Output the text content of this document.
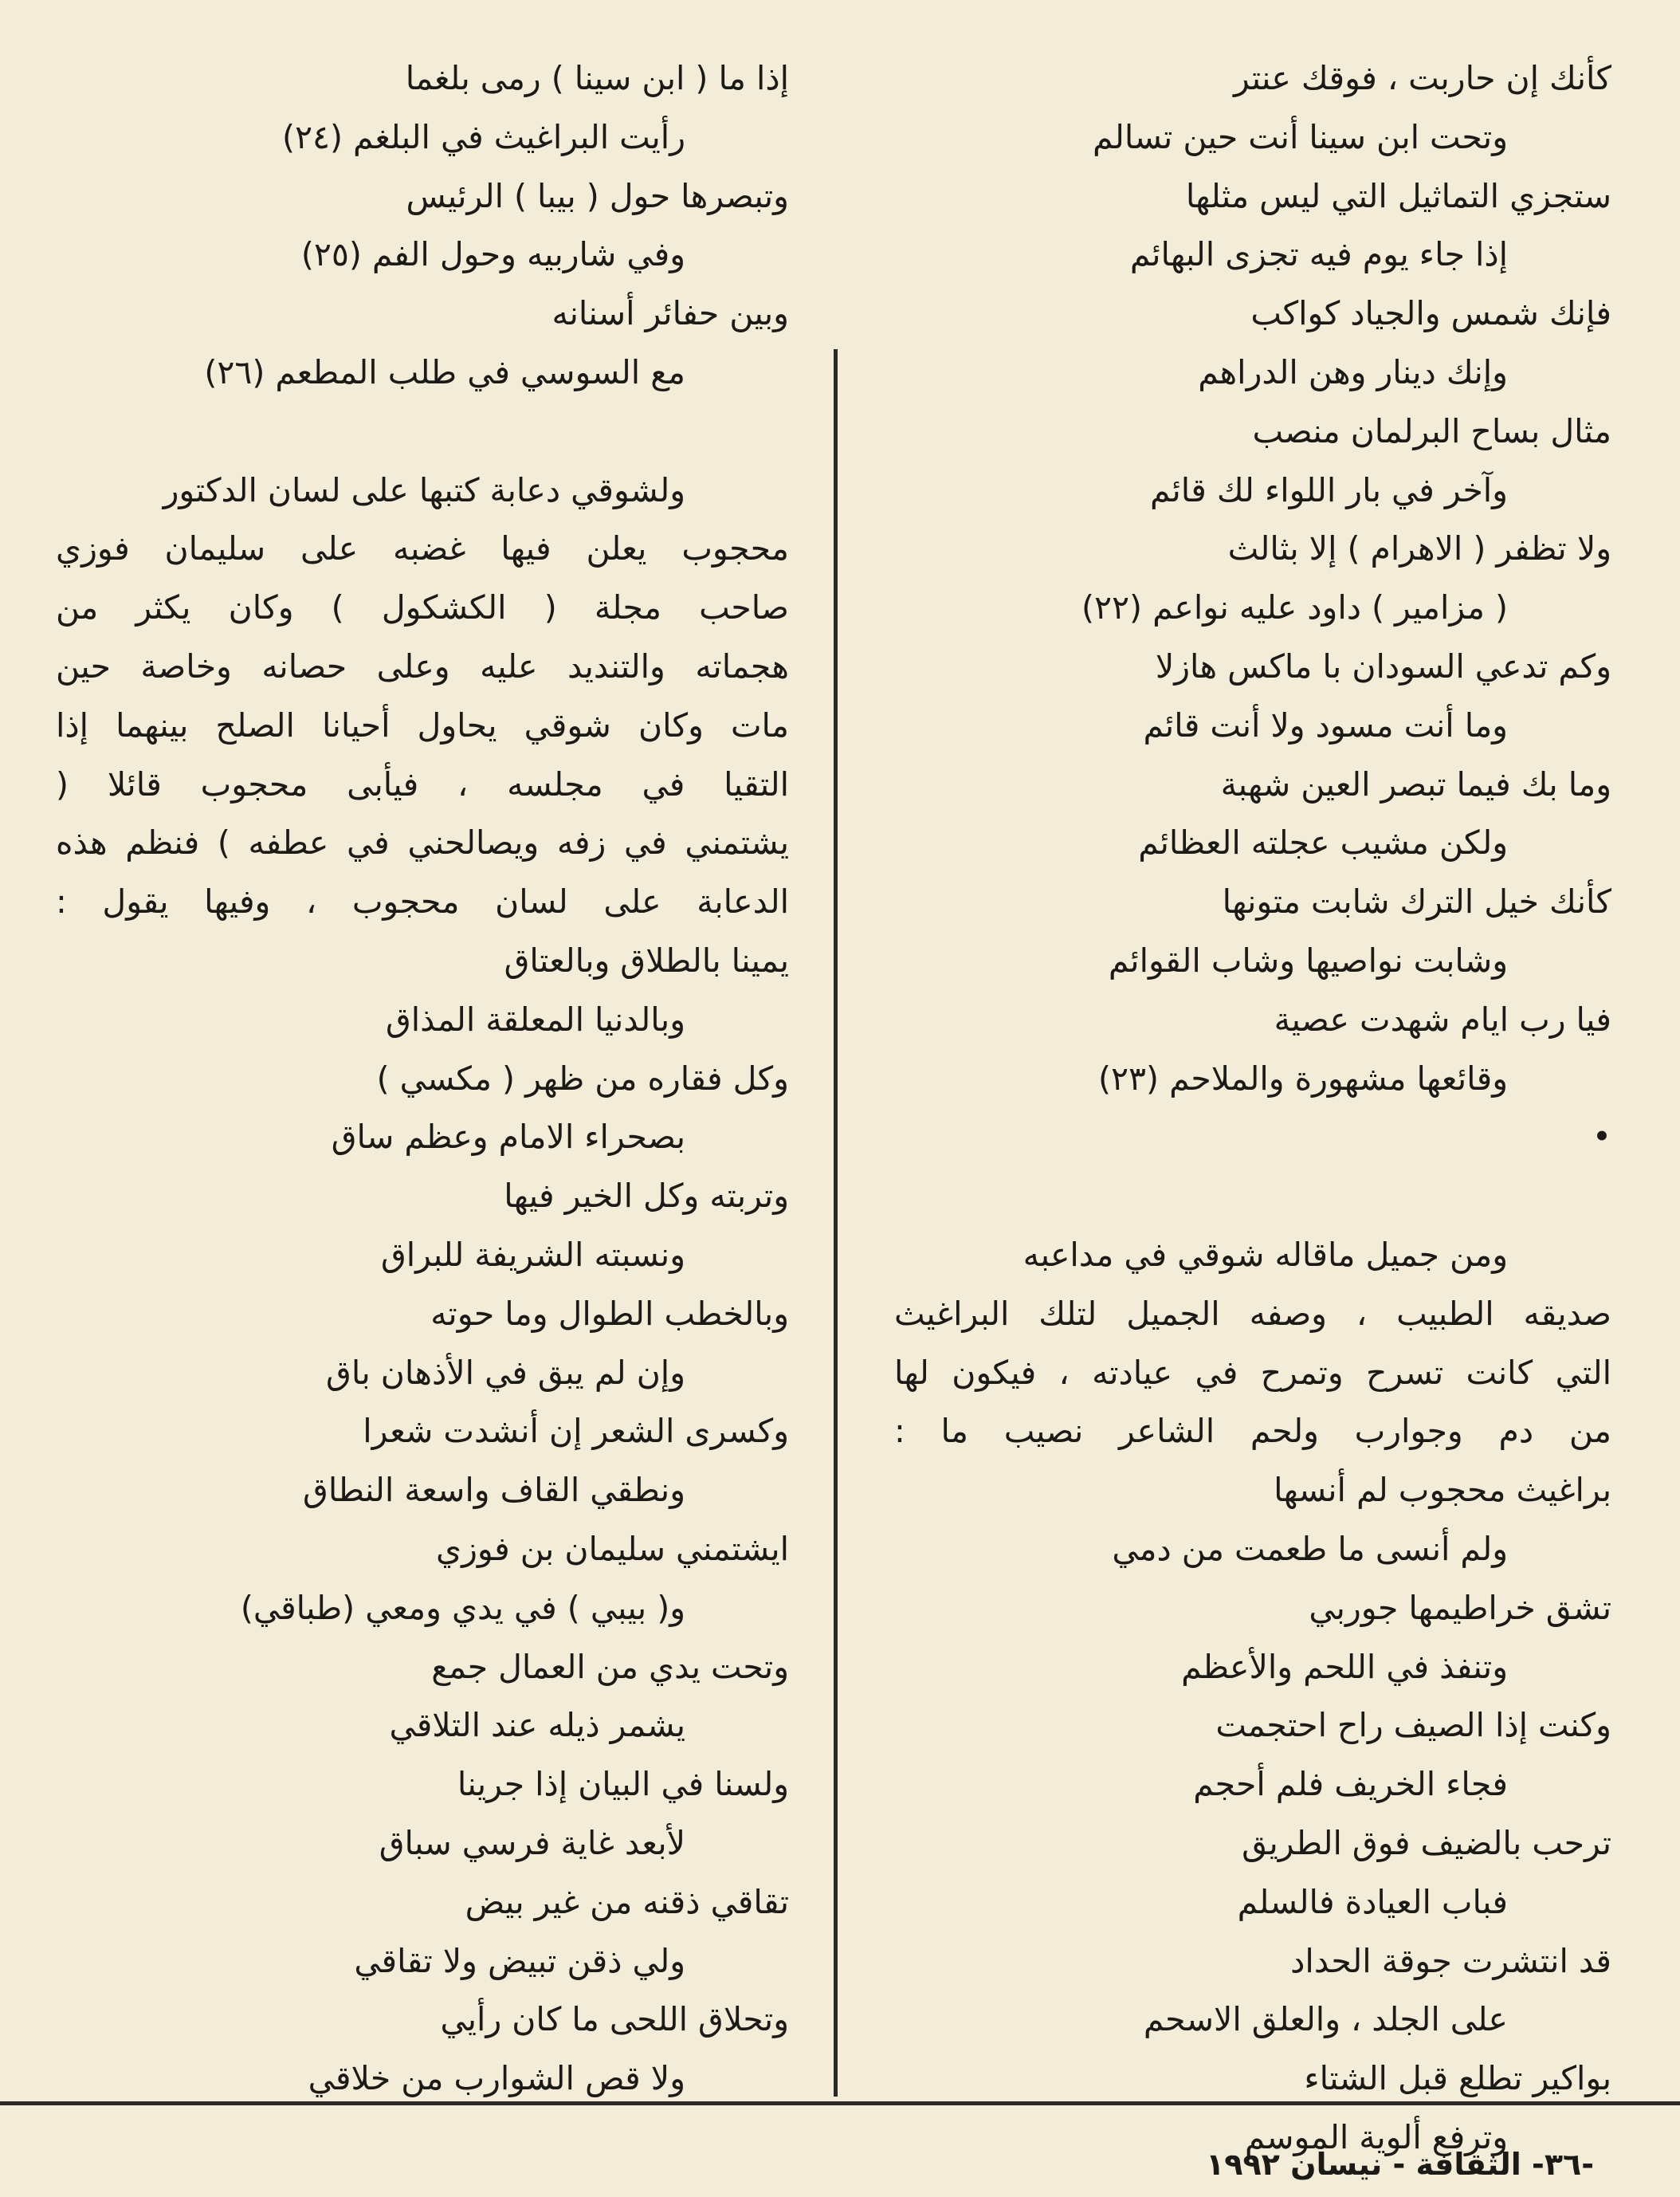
كأنك إن حاربت ، فوقك عنتر
وتحت ابن سينا أنت حين تسالم
ستجزي التماثيل التي ليس مثلها
إذا جاء يوم فيه تجزى البهائم
فإنك شمس والجياد كواكب
وإنك دينار وهن الدراهم
مثال بساح البرلمان منصب
وآخر في بار اللواء لك قائم
ولا تظفر ( الاهرام ) إلا بثالث
( مزامير ) داود عليه نواعم (٢٢)
وكم تدعي السودان با ماكس هازلا
وما أنت مسود ولا أنت قائم
وما بك فيما تبصر العين شهبة
ولكن مشيب عجلته العظائم
كأنك خيل الترك شابت متونها
وشابت نواصيها وشاب القوائم
فيا رب ايام شهدت عصية
وقائعها مشهورة والملاحم (٢٣)
•
ومن جميل ماقاله شوقي في مداعبه
صديقه الطبيب ، وصفه الجميل لتلك البراغيث
التي كانت تسرح وتمرح في عيادته ، فيكون لها
من دم وجوارب ولحم الشاعر نصيب ما :
براغيث محجوب لم أنسها
ولم أنسى ما طعمت من دمي
تشق خراطيمها جوربي
وتنفذ في اللحم والأعظم
وكنت إذا الصيف راح احتجمت
فجاء الخريف فلم أحجم
ترحب بالضيف فوق الطريق
فباب العيادة فالسلم
قد انتشرت جوقة الحداد
على الجلد ، والعلق الاسحم
بواكير تطلع قبل الشتاء
وترفع ألوية الموسم
إذا ما ( ابن سينا ) رمى بلغما
رأيت البراغيث في البلغم (٢٤)
وتبصرها حول ( بيبا ) الرئيس
وفي شاربيه وحول الفم (٢٥)
وبين حفائر أسنانه
مع السوسي في طلب المطعم (٢٦)
ولشوقي دعابة كتبها على لسان الدكتور
محجوب يعلن فيها غضبه على سليمان فوزي
صاحب مجلة ( الكشكول ) وكان يكثر من
هجماته والتنديد عليه وعلى حصانه وخاصة حين
مات وكان شوقي يحاول أحيانا الصلح بينهما إذا
التقيا في مجلسه ، فيأبى محجوب قائلا (
يشتمني في زفه ويصالحني في عطفه ) فنظم هذه
الدعابة على لسان محجوب ، وفيها يقول :
يمينا بالطلاق وبالعتاق
وبالدنيا المعلقة المذاق
وكل فقاره من ظهر ( مكسي )
بصحراء الامام وعظم ساق
وتربته وكل الخير فيها
ونسبته الشريفة للبراق
وبالخطب الطوال وما حوته
وإن لم يبق في الأذهان باق
وكسرى الشعر إن أنشدت شعرا
ونطقي القاف واسعة النطاق
ايشتمني سليمان بن فوزي
و( بيبي ) في يدي ومعي (طباقي)
وتحت يدي من العمال جمع
يشمر ذيله عند التلاقي
ولسنا في البيان إذا جرينا
لأبعد غاية فرسي سباق
تقاقي ذقنه من غير بيض
ولي ذقن تبيض ولا تقاقي
وتحلاق اللحى ما كان رأيي
ولا قص الشوارب من خلاقي
-٣٦- الثقافة - نيسان ١٩٩٢
